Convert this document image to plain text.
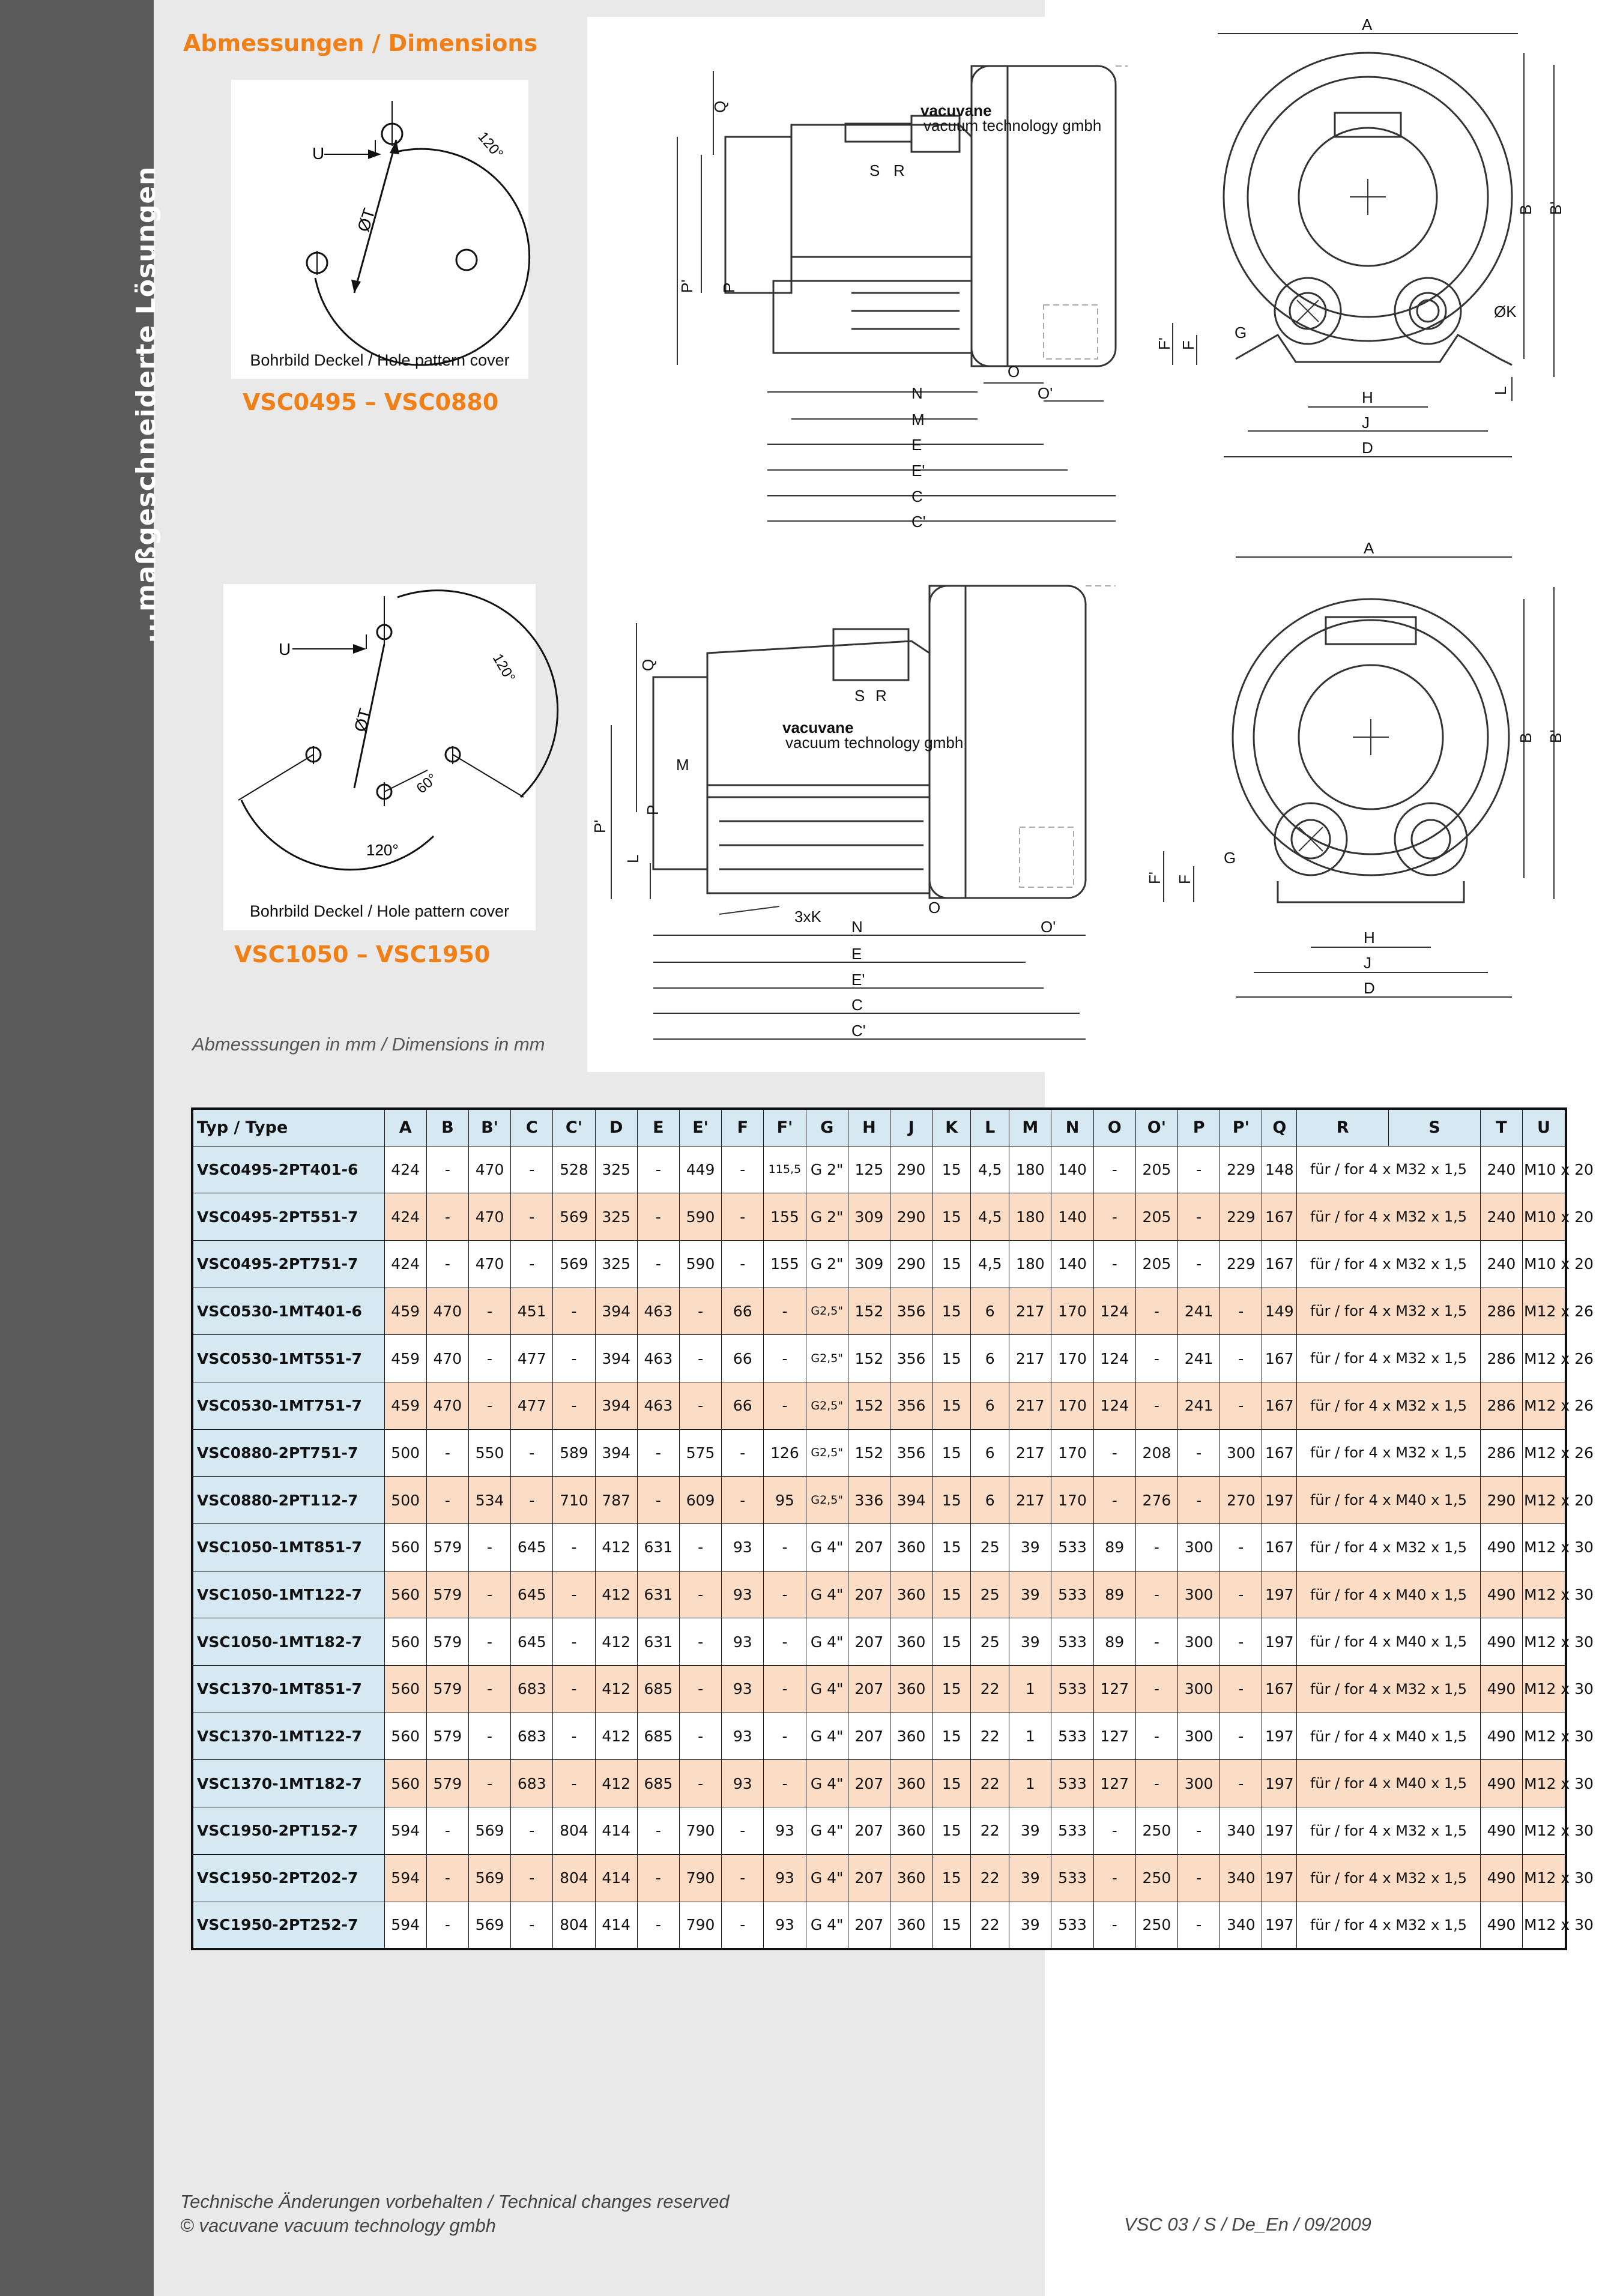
...maßgeschneiderte Lösungen
Abmessungen / Dimensions
U
ØT
120°
Bohrbild Deckel / Hole pattern cover
VSC0495 – VSC0880
U
ØT
120°
60°
120°
Bohrbild Deckel / Hole pattern cover
VSC1050 – VSC1950
Abmesssungen in mm / Dimensions in mm
vacuvane
vacuum technology gmbh
Q
S R
P' P
O
O'
N
M
E
E'
C
C'
A
B B'
F' F
G
ØK
H
J
D
L
vacuvane
vacuum technology gmbh
Q
S R
M
P'
P
L
3xK	O
N	O'
E
E'
C
C'
A
B B'
F' F
G
H
J
D
Typ / Type	A	B	B'	C	C'	D	E	E'	F	F'	G	H	J	K	L	M	N	O	O'	P	P'	Q	R	S	T	U
VSC0495-2PT401-6	424	-	470	-	528	325	-	449	-	115,5	G 2"	125	290	15	4,5	180	140	-	205	-	229	148	für / for 4 x M32 x 1,5		240	M10 x 20
VSC0495-2PT551-7	424	-	470	-	569	325	-	590	-	155	G 2"	309	290	15	4,5	180	140	-	205	-	229	167	für / for 4 x M32 x 1,5		240	M10 x 20
VSC0495-2PT751-7	424	-	470	-	569	325	-	590	-	155	G 2"	309	290	15	4,5	180	140	-	205	-	229	167	für / for 4 x M32 x 1,5		240	M10 x 20
VSC0530-1MT401-6	459	470	-	451	-	394	463	-	66	-	G2,5"	152	356	15	6	217	170	124	-	241	-	149	für / for 4 x M32 x 1,5		286	M12 x 26
VSC0530-1MT551-7	459	470	-	477	-	394	463	-	66	-	G2,5"	152	356	15	6	217	170	124	-	241	-	167	für / for 4 x M32 x 1,5		286	M12 x 26
VSC0530-1MT751-7	459	470	-	477	-	394	463	-	66	-	G2,5"	152	356	15	6	217	170	124	-	241	-	167	für / for 4 x M32 x 1,5		286	M12 x 26
VSC0880-2PT751-7	500	-	550	-	589	394	-	575	-	126	G2,5"	152	356	15	6	217	170	-	208	-	300	167	für / for 4 x M32 x 1,5		286	M12 x 26
VSC0880-2PT112-7	500	-	534	-	710	787	-	609	-	95	G2,5"	336	394	15	6	217	170	-	276	-	270	197	für / for 4 x M40 x 1,5		290	M12 x 20
VSC1050-1MT851-7	560	579	-	645	-	412	631	-	93	-	G 4"	207	360	15	25	39	533	89	-	300	-	167	für / for 4 x M32 x 1,5		490	M12 x 30
VSC1050-1MT122-7	560	579	-	645	-	412	631	-	93	-	G 4"	207	360	15	25	39	533	89	-	300	-	197	für / for 4 x M40 x 1,5		490	M12 x 30
VSC1050-1MT182-7	560	579	-	645	-	412	631	-	93	-	G 4"	207	360	15	25	39	533	89	-	300	-	197	für / for 4 x M40 x 1,5		490	M12 x 30
VSC1370-1MT851-7	560	579	-	683	-	412	685	-	93	-	G 4"	207	360	15	22	1	533	127	-	300	-	167	für / for 4 x M32 x 1,5		490	M12 x 30
VSC1370-1MT122-7	560	579	-	683	-	412	685	-	93	-	G 4"	207	360	15	22	1	533	127	-	300	-	197	für / for 4 x M40 x 1,5		490	M12 x 30
VSC1370-1MT182-7	560	579	-	683	-	412	685	-	93	-	G 4"	207	360	15	22	1	533	127	-	300	-	197	für / for 4 x M40 x 1,5		490	M12 x 30
VSC1950-2PT152-7	594	-	569	-	804	414	-	790	-	93	G 4"	207	360	15	22	39	533	-	250	-	340	197	für / for 4 x M32 x 1,5		490	M12 x 30
VSC1950-2PT202-7	594	-	569	-	804	414	-	790	-	93	G 4"	207	360	15	22	39	533	-	250	-	340	197	für / for 4 x M32 x 1,5		490	M12 x 30
VSC1950-2PT252-7	594	-	569	-	804	414	-	790	-	93	G 4"	207	360	15	22	39	533	-	250	-	340	197	für / for 4 x M32 x 1,5		490	M12 x 30
Technische Änderungen vorbehalten / Technical changes reserved
© vacuvane vacuum technology gmbh	VSC 03 / S / De_En / 09/2009
